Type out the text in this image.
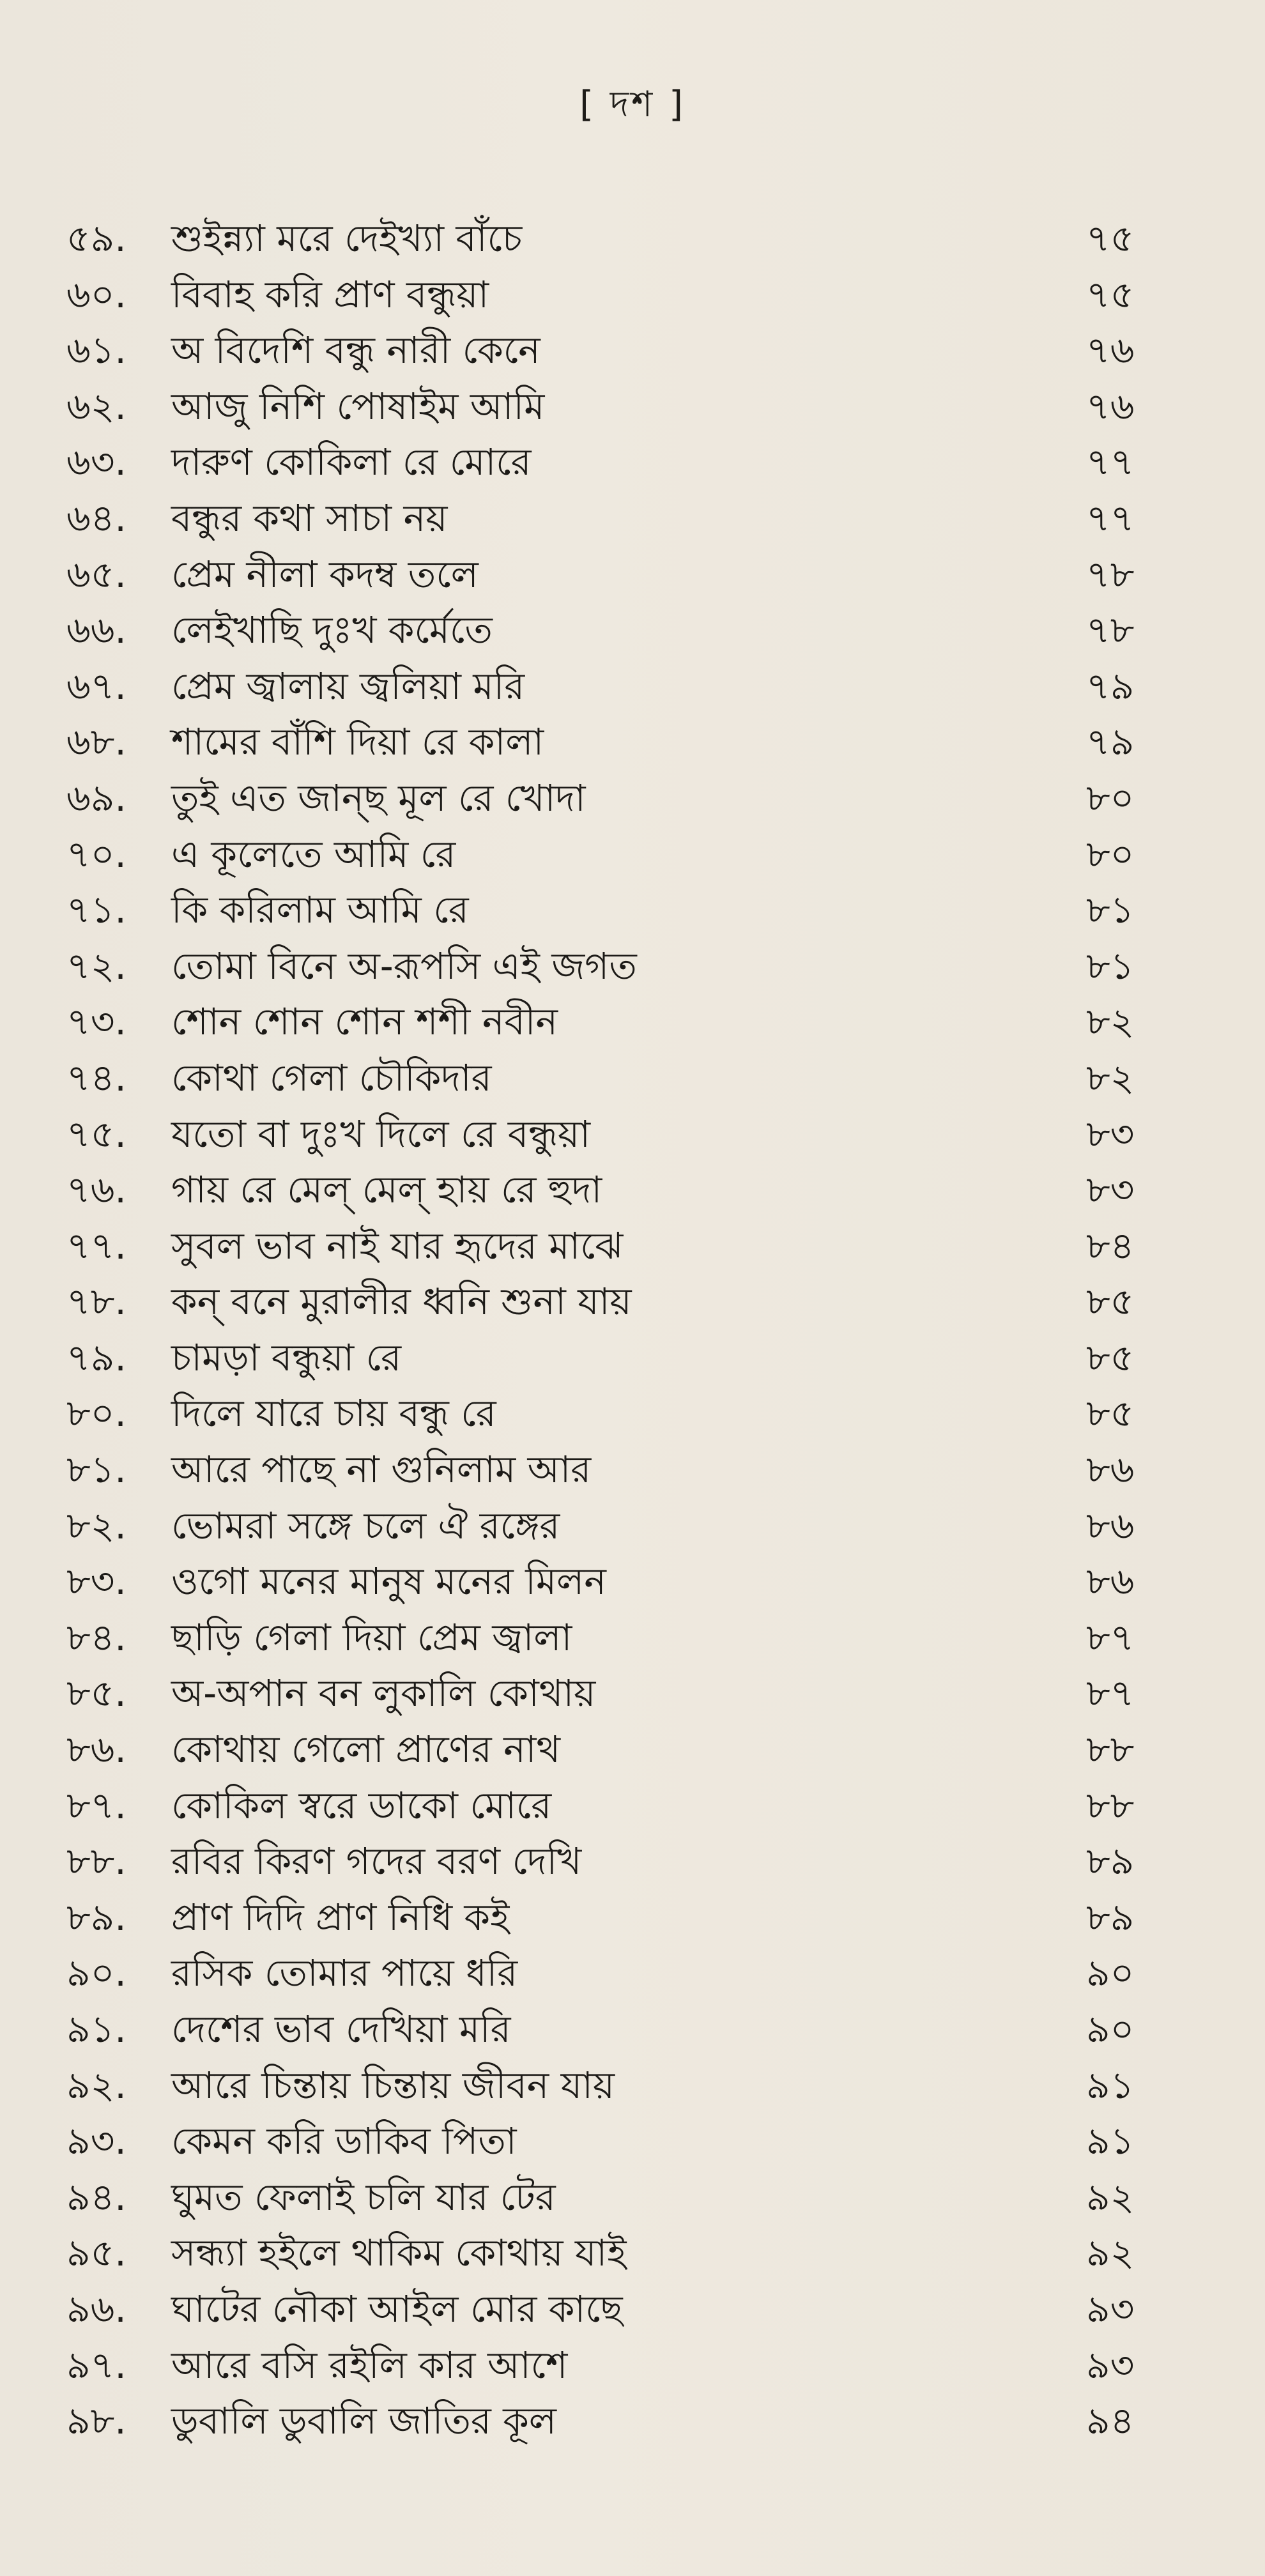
[ দশ ]
৫৯.	শুইন্ন্যা মরে দেইখ্যা বাঁচে	৭৫
৬০.	বিবাহ করি প্রাণ বন্ধুয়া	৭৫
৬১.	অ বিদেশি বন্ধু নারী কেনে	৭৬
৬২.	আজু নিশি পোষাইম আমি	৭৬
৬৩.	দারুণ কোকিলা রে মোরে	৭৭
৬৪.	বন্ধুর কথা সাচা নয়	৭৭
৬৫.	প্রেম নীলা কদম্ব তলে	৭৮
৬৬.	লেইখাছি দুঃখ কর্মেতে	৭৮
৬৭.	প্রেম জ্বালায় জ্বলিয়া মরি	৭৯
৬৮.	শামের বাঁশি দিয়া রে কালা	৭৯
৬৯.	তুই এত জান্‌ছ মূল রে খোদা	৮০
৭০.	এ কূলেতে আমি রে	৮০
৭১.	কি করিলাম আমি রে	৮১
৭২.	তোমা বিনে অ-রূপসি এই জগত	৮১
৭৩.	শোন শোন শোন শশী নবীন	৮২
৭৪.	কোথা গেলা চৌকিদার	৮২
৭৫.	যতো বা দুঃখ দিলে রে বন্ধুয়া	৮৩
৭৬.	গায় রে মেল্‌ মেল্‌ হায় রে হুদা	৮৩
৭৭.	সুবল ভাব নাই যার হৃদের মাঝে	৮৪
৭৮.	কন্‌ বনে মুরালীর ধ্বনি শুনা যায়	৮৫
৭৯.	চামড়া বন্ধুয়া রে	৮৫
৮০.	দিলে যারে চায় বন্ধু রে	৮৫
৮১.	আরে পাছে না গুনিলাম আর	৮৬
৮২.	ভোমরা সঙ্গে চলে ঐ রঙ্গের	৮৬
৮৩.	ওগো মনের মানুষ মনের মিলন	৮৬
৮৪.	ছাড়ি গেলা দিয়া প্রেম জ্বালা	৮৭
৮৫.	অ-অপান বন লুকালি কোথায়	৮৭
৮৬.	কোথায় গেলো প্রাণের নাথ	৮৮
৮৭.	কোকিল স্বরে ডাকো মোরে	৮৮
৮৮.	রবির কিরণ গদের বরণ দেখি	৮৯
৮৯.	প্রাণ দিদি প্রাণ নিধি কই	৮৯
৯০.	রসিক তোমার পায়ে ধরি	৯০
৯১.	দেশের ভাব দেখিয়া মরি	৯০
৯২.	আরে চিন্তায় চিন্তায় জীবন যায়	৯১
৯৩.	কেমন করি ডাকিব পিতা	৯১
৯৪.	ঘুমত ফেলাই চলি যার টের	৯২
৯৫.	সন্ধ্যা হইলে থাকিম কোথায় যাই	৯২
৯৬.	ঘাটের নৌকা আইল মোর কাছে	৯৩
৯৭.	আরে বসি রইলি কার আশে	৯৩
৯৮.	ডুবালি ডুবালি জাতির কূল	৯৪
